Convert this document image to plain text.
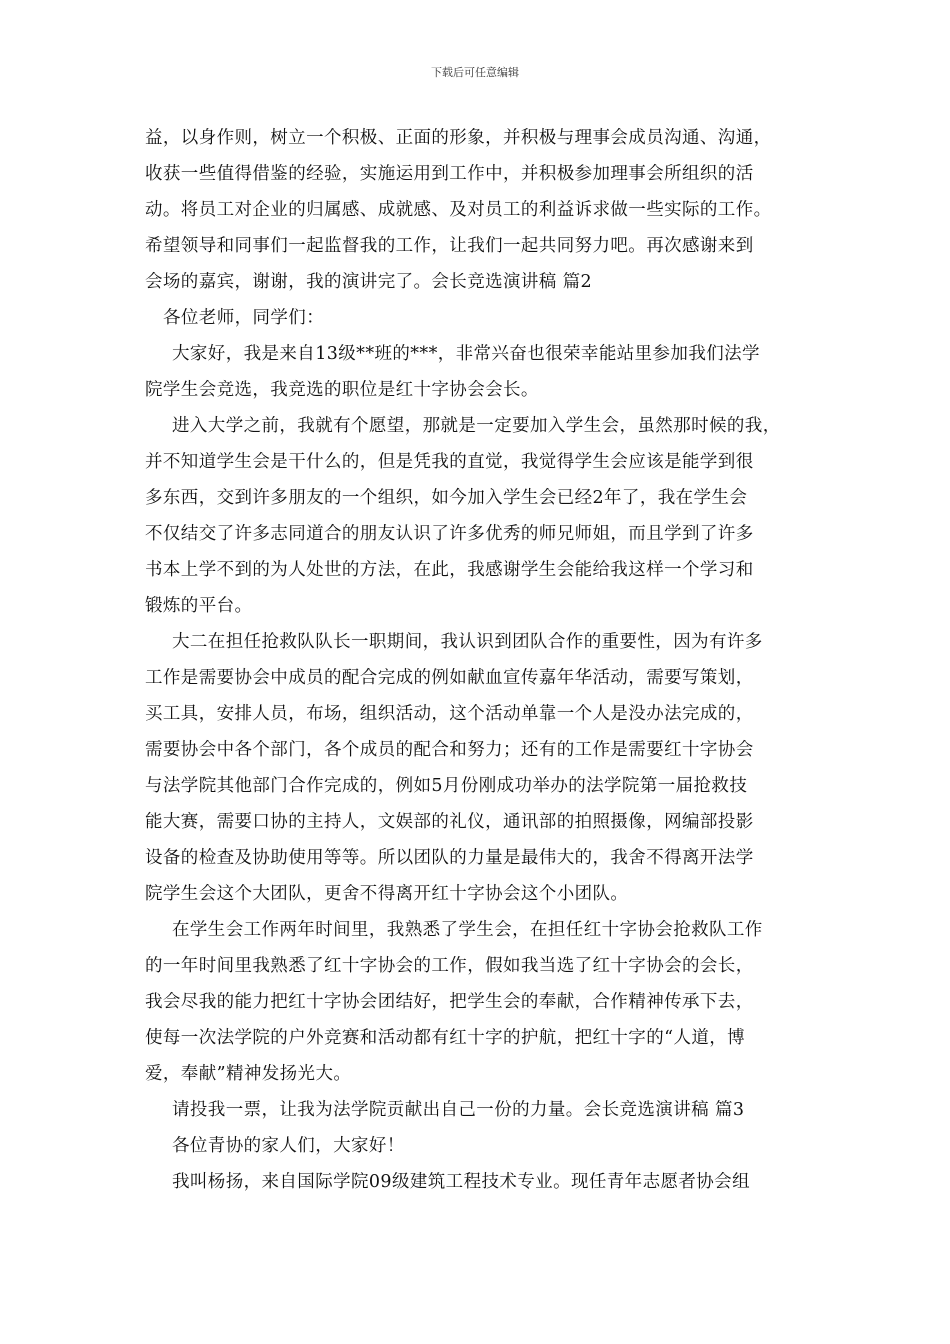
下载后可任意编辑
益，以身作则，树立一个积极、正面的形象，并积极与理事会成员沟通、沟通，
收获一些值得借鉴的经验，实施运用到工作中，并积极参加理事会所组织的活
动。将员工对企业的归属感、成就感、及对员工的利益诉求做一些实际的工作。
希望领导和同事们一起监督我的工作，让我们一起共同努力吧。再次感谢来到
会场的嘉宾，谢谢，我的演讲完了。会长竞选演讲稿 篇2
各位老师，同学们：
大家好，我是来自13级**班的***，非常兴奋也很荣幸能站里参加我们法学
院学生会竞选，我竞选的职位是红十字协会会长。
进入大学之前，我就有个愿望，那就是一定要加入学生会，虽然那时候的我，
并不知道学生会是干什么的，但是凭我的直觉，我觉得学生会应该是能学到很
多东西，交到许多朋友的一个组织，如今加入学生会已经2年了，我在学生会
不仅结交了许多志同道合的朋友认识了许多优秀的师兄师姐，而且学到了许多
书本上学不到的为人处世的方法，在此，我感谢学生会能给我这样一个学习和
锻炼的平台。
大二在担任抢救队队长一职期间，我认识到团队合作的重要性，因为有许多
工作是需要协会中成员的配合完成的例如献血宣传嘉年华活动，需要写策划，
买工具，安排人员，布场，组织活动，这个活动单靠一个人是没办法完成的，
需要协会中各个部门，各个成员的配合和努力；还有的工作是需要红十字协会
与法学院其他部门合作完成的，例如5月份刚成功举办的法学院第一届抢救技
能大赛，需要口协的主持人，文娱部的礼仪，通讯部的拍照摄像，网编部投影
设备的检查及协助使用等等。所以团队的力量是最伟大的，我舍不得离开法学
院学生会这个大团队，更舍不得离开红十字协会这个小团队。
在学生会工作两年时间里，我熟悉了学生会，在担任红十字协会抢救队工作
的一年时间里我熟悉了红十字协会的工作，假如我当选了红十字协会的会长，
我会尽我的能力把红十字协会团结好，把学生会的奉献，合作精神传承下去，
使每一次法学院的户外竞赛和活动都有红十字的护航，把红十字的“人道，博
爱，奉献”精神发扬光大。
请投我一票，让我为法学院贡献出自己一份的力量。会长竞选演讲稿 篇3
各位青协的家人们，大家好！
我叫杨扬，来自国际学院09级建筑工程技术专业。现任青年志愿者协会组
